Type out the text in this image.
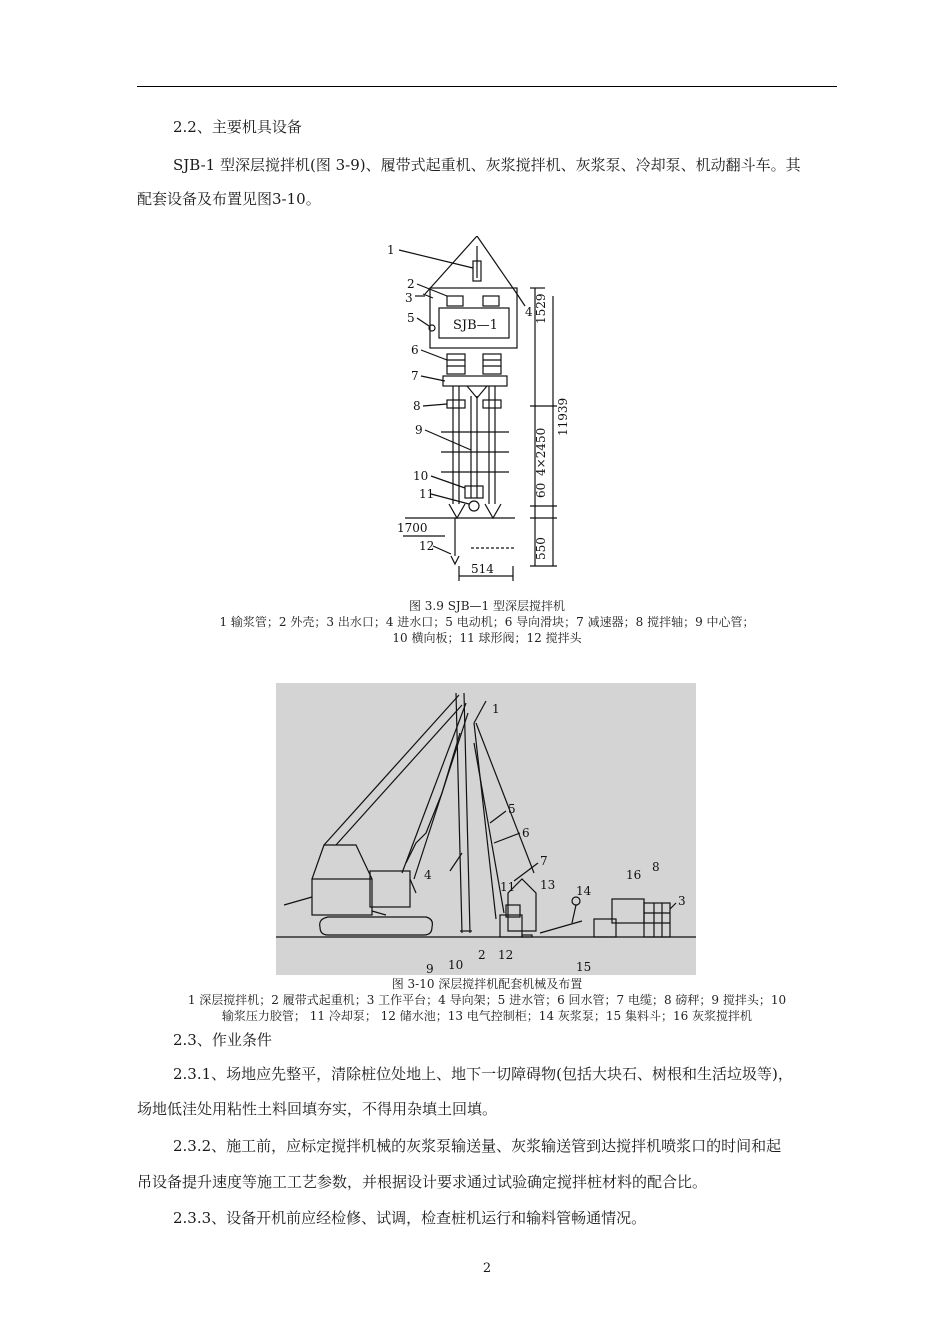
2.2、主要机具设备
SJB-1 型深层搅拌机(图 3-9)、履带式起重机、灰浆搅拌机、灰浆泵、冷却泵、机动翻斗车。其
配套设备及布置见图3-10。
SJB—1
1
2
3
4
5
6
7
8
9
10
11
12
1529
11939
4×2450
60
550
1700
514
图 3.9 SJB—1 型深层搅拌机
1 输浆管；2 外壳；3 出水口；4 进水口；5 电动机；6 导向滑块；7 减速器；8 搅拌轴；9 中心管；
10 横向板；11 球形阀；12 搅拌头
1
2
3
4
5
6
7	8
9 10
11
12
13 14
15
16
图 3-10 深层搅拌机配套机械及布置
1 深层搅拌机；2 履带式起重机；3 工作平台；4 导向架；5 进水管；6 回水管；7 电缆；8 磅秤；9 搅拌头；10
输浆压力胶管； 11 冷却泵； 12 储水池；13 电气控制柜；14 灰浆泵；15 集料斗；16 灰浆搅拌机
2.3、作业条件
2.3.1、场地应先整平，清除桩位处地上、地下一切障碍物(包括大块石、树根和生活垃圾等)，
场地低洼处用粘性土料回填夯实，不得用杂填土回填。
2.3.2、施工前，应标定搅拌机械的灰浆泵输送量、灰浆输送管到达搅拌机喷浆口的时间和起
吊设备提升速度等施工工艺参数，并根据设计要求通过试验确定搅拌桩材料的配合比。
2.3.3、设备开机前应经检修、试调，检查桩机运行和输料管畅通情况。
2
